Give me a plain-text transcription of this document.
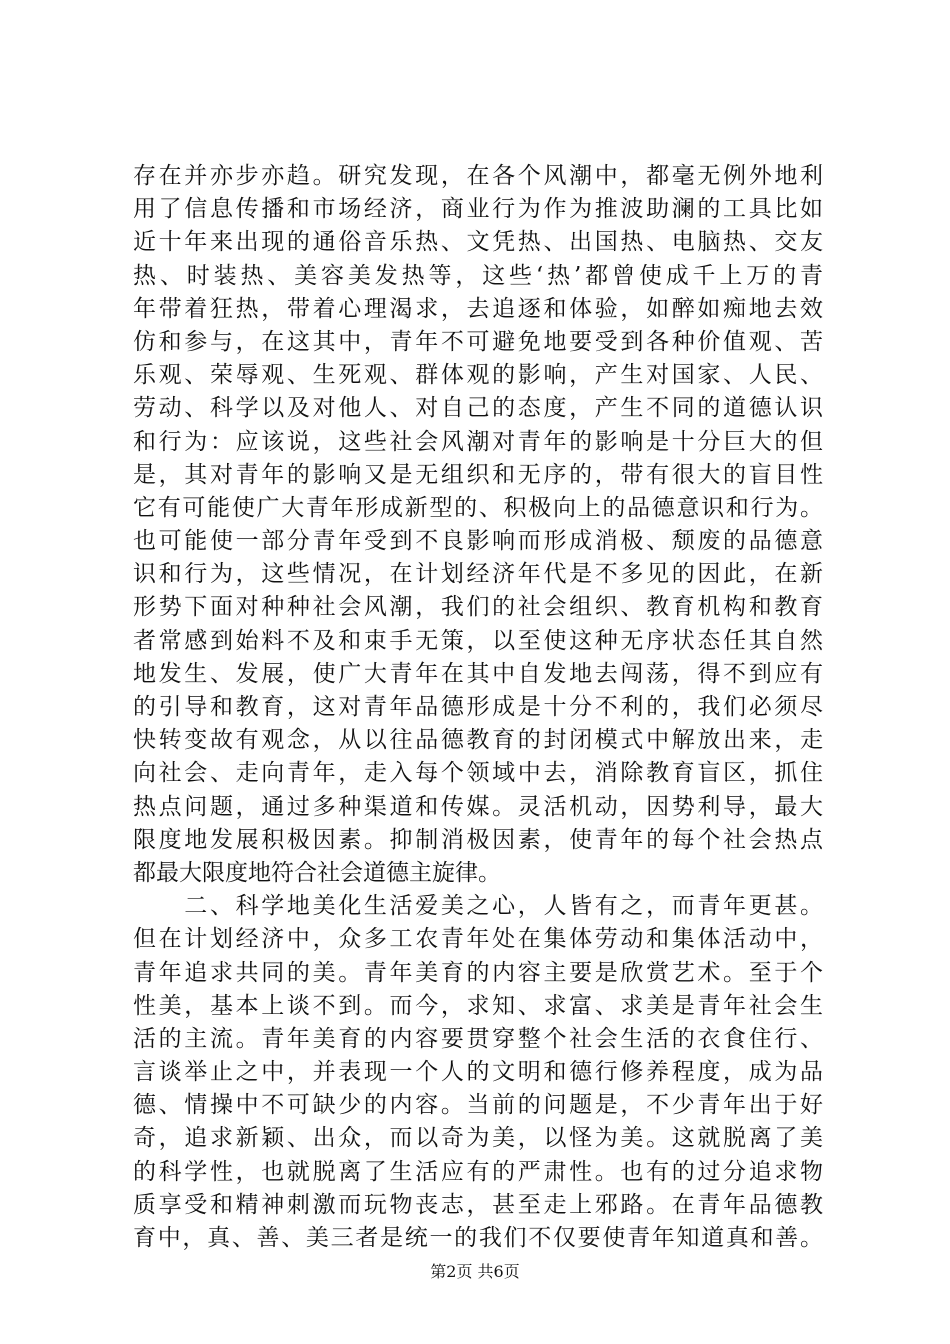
存在并亦步亦趋。研究发现，在各个风潮中，都毫无例外地利
用了信息传播和市场经济，商业行为作为推波助澜的工具比如
近十年来出现的通俗音乐热、文凭热、出国热、电脑热、交友
热、时装热、美容美发热等，这些‘热’都曾使成千上万的青
年带着狂热，带着心理渴求，去追逐和体验，如醉如痴地去效
仿和参与，在这其中，青年不可避免地要受到各种价值观、苦
乐观、荣辱观、生死观、群体观的影响，产生对国家、人民、
劳动、科学以及对他人、对自己的态度，产生不同的道德认识
和行为：应该说，这些社会风潮对青年的影响是十分巨大的但
是，其对青年的影响又是无组织和无序的，带有很大的盲目性
它有可能使广大青年形成新型的、积极向上的品德意识和行为。
也可能使一部分青年受到不良影响而形成消极、颓废的品德意
识和行为，这些情况，在计划经济年代是不多见的因此，在新
形势下面对种种社会风潮，我们的社会组织、教育机构和教育
者常感到始料不及和束手无策，以至使这种无序状态任其自然
地发生、发展，使广大青年在其中自发地去闯荡，得不到应有
的引导和教育，这对青年品德形成是十分不利的，我们必须尽
快转变故有观念，从以往品德教育的封闭模式中解放出来，走
向社会、走向青年，走入每个领域中去，消除教育盲区，抓住
热点问题，通过多种渠道和传媒。灵活机动，因势利导，最大
限度地发展积极因素。抑制消极因素，使青年的每个社会热点
都最大限度地符合社会道德主旋律。
　　二、科学地美化生活爱美之心，人皆有之，而青年更甚。
但在计划经济中，众多工农青年处在集体劳动和集体活动中，
青年追求共同的美。青年美育的内容主要是欣赏艺术。至于个
性美，基本上谈不到。而今，求知、求富、求美是青年社会生
活的主流。青年美育的内容要贯穿整个社会生活的衣食住行、
言谈举止之中，并表现一个人的文明和德行修养程度，成为品
德、情操中不可缺少的内容。当前的问题是，不少青年出于好
奇，追求新颖、出众，而以奇为美，以怪为美。这就脱离了美
的科学性，也就脱离了生活应有的严肃性。也有的过分追求物
质享受和精神刺激而玩物丧志，甚至走上邪路。在青年品德教
育中，真、善、美三者是统一的我们不仅要使青年知道真和善。
第2页 共6页
